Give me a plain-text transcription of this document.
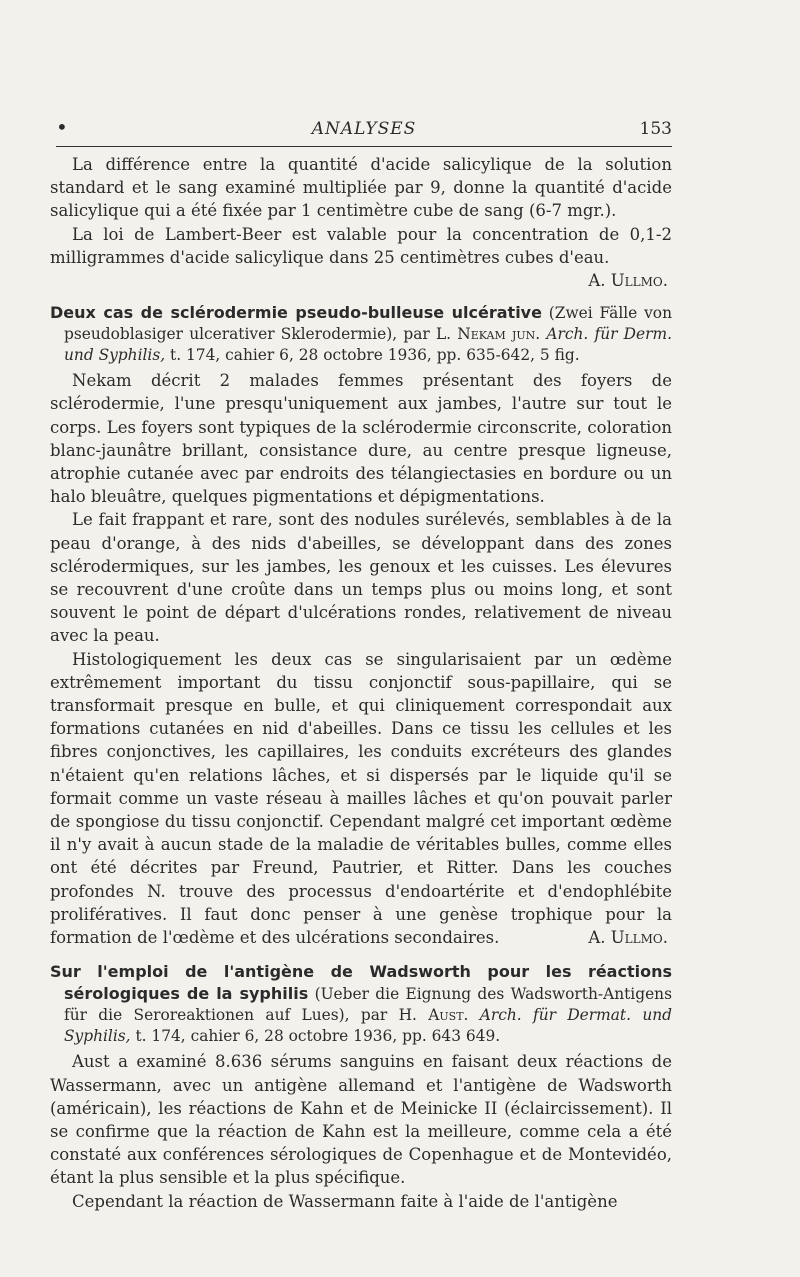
•	ANALYSES	153

La différence entre la quantité d'acide salicylique de la solution standard et le sang examiné multipliée par 9, donne la quantité d'acide salicylique qui a été fixée par 1 centimètre cube de sang (6-7 mgr.).

La loi de Lambert-Beer est valable pour la concentration de 0,1-2 milligrammes d'acide salicylique dans 25 centimètres cubes d'eau.

A. Ullmo.
Deux cas de sclérodermie pseudo-bulleuse ulcérative (Zwei Fälle von pseudoblasiger ulcerativer Sklerodermie), par L. Nekam jun. Arch. für Derm. und Syphilis, t. 174, cahier 6, 28 octobre 1936, pp. 635-642, 5 fig.

Nekam décrit 2 malades femmes présentant des foyers de sclérodermie, l'une presqu'uniquement aux jambes, l'autre sur tout le corps. Les foyers sont typiques de la sclérodermie circonscrite, coloration blanc-jaunâtre brillant, consistance dure, au centre presque ligneuse, atrophie cutanée avec par endroits des télangiectasies en bordure ou un halo bleuâtre, quelques pigmentations et dépigmentations.

Le fait frappant et rare, sont des nodules surélevés, semblables à de la peau d'orange, à des nids d'abeilles, se développant dans des zones sclérodermiques, sur les jambes, les genoux et les cuisses. Les élevures se recouvrent d'une croûte dans un temps plus ou moins long, et sont souvent le point de départ d'ulcérations rondes, relativement de niveau avec la peau.

Histologiquement les deux cas se singularisaient par un œdème extrêmement important du tissu conjonctif sous-papillaire, qui se transformait presque en bulle, et qui cliniquement correspondait aux formations cutanées en nid d'abeilles. Dans ce tissu les cellules et les fibres conjonctives, les capillaires, les conduits excréteurs des glandes n'étaient qu'en relations lâches, et si dispersés par le liquide qu'il se formait comme un vaste réseau à mailles lâches et qu'on pouvait parler de spongiose du tissu conjonctif. Cependant malgré cet important œdème il n'y avait à aucun stade de la maladie de véritables bulles, comme elles ont été décrites par Freund, Pautrier, et Ritter. Dans les couches profondes N. trouve des processus d'endoartérite et d'endophlébite prolifératives. Il faut donc penser à une genèse trophique pour la formation de l'œdème et des ulcérations secondaires.	A. Ullmo.

Sur l'emploi de l'antigène de Wadsworth pour les réactions sérologiques de la syphilis (Ueber die Eignung des Wadsworth-Antigens für die Seroreaktionen auf Lues), par H. Aust. Arch. für Dermat. und Syphilis, t. 174, cahier 6, 28 octobre 1936, pp. 643 649.

Aust a examiné 8.636 sérums sanguins en faisant deux réactions de Wassermann, avec un antigène allemand et l'antigène de Wadsworth (américain), les réactions de Kahn et de Meinicke II (éclaircissement). Il se confirme que la réaction de Kahn est la meilleure, comme cela a été constaté aux conférences sérologiques de Copenhague et de Montevidéo, étant la plus sensible et la plus spécifique.

Cependant la réaction de Wassermann faite à l'aide de l'antigène
